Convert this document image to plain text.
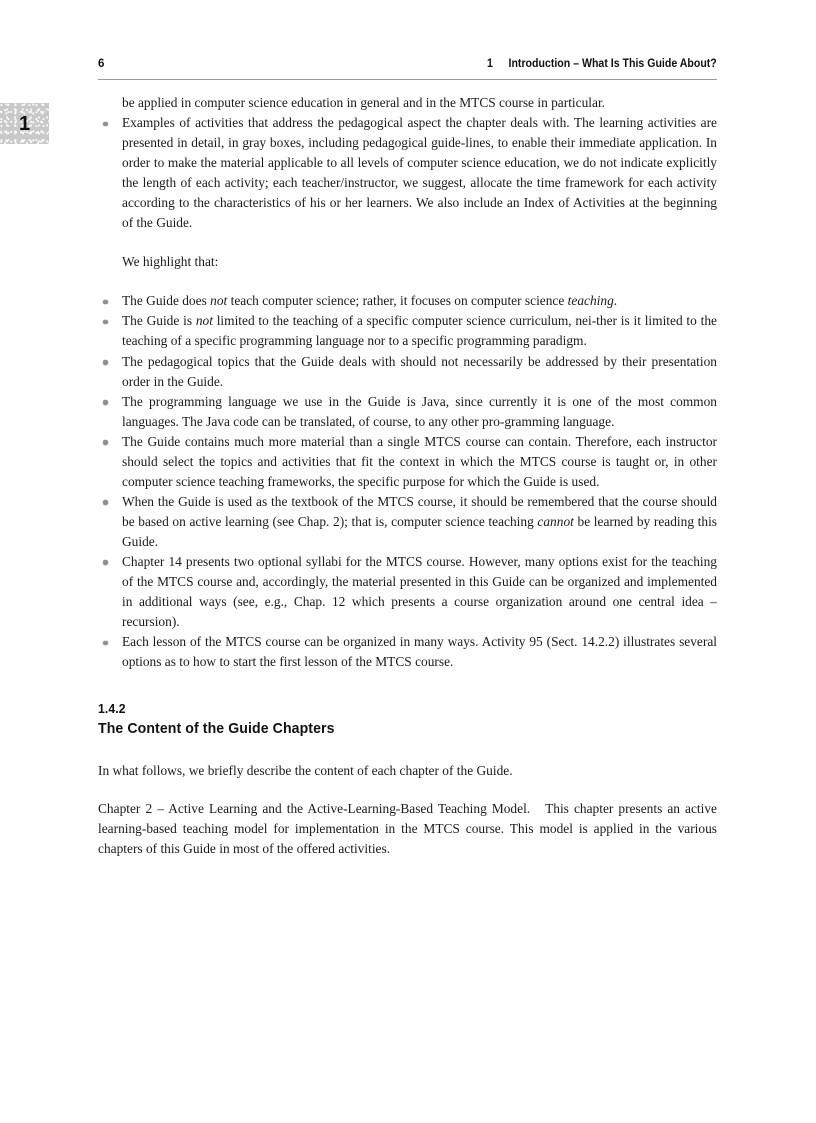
1
6	1 Introduction – What Is This Guide About?

be applied in computer science education in general and in the MTCS course in particular.

Examples of activities that address the pedagogical aspect the chapter deals with. The learning activities are presented in detail, in gray boxes, including pedagogical guide-lines, to enable their immediate application. In order to make the material applicable to all levels of computer science education, we do not indicate explicitly the length of each activity; each teacher/instructor, we suggest, allocate the time framework for each activity according to the characteristics of his or her learners. We also include an Index of Activities at the beginning of the Guide.

We highlight that:

The Guide does not teach computer science; rather, it focuses on computer science teaching.
The Guide is not limited to the teaching of a specific computer science curriculum, nei-ther is it limited to the teaching of a specific programming language nor to a specific programming paradigm.
The pedagogical topics that the Guide deals with should not necessarily be addressed by their presentation order in the Guide.
The programming language we use in the Guide is Java, since currently it is one of the most common languages. The Java code can be translated, of course, to any other pro-gramming language.
The Guide contains much more material than a single MTCS course can contain. Therefore, each instructor should select the topics and activities that fit the context in which the MTCS course is taught or, in other computer science teaching frameworks, the specific purpose for which the Guide is used.
When the Guide is used as the textbook of the MTCS course, it should be remembered that the course should be based on active learning (see Chap. 2); that is, computer science teaching cannot be learned by reading this Guide.
Chapter 14 presents two optional syllabi for the MTCS course. However, many options exist for the teaching of the MTCS course and, accordingly, the material presented in this Guide can be organized and implemented in additional ways (see, e.g., Chap. 12 which presents a course organization around one central idea – recursion).
Each lesson of the MTCS course can be organized in many ways. Activity 95 (Sect. 14.2.2) illustrates several options as to how to start the first lesson of the MTCS course.
1.4.2
The Content of the Guide Chapters

In what follows, we briefly describe the content of each chapter of the Guide.

Chapter 2 – Active Learning and the Active-Learning-Based Teaching Model. This chapter presents an active learning-based teaching model for implementation in the MTCS course. This model is applied in the various chapters of this Guide in most of the offered activities.
